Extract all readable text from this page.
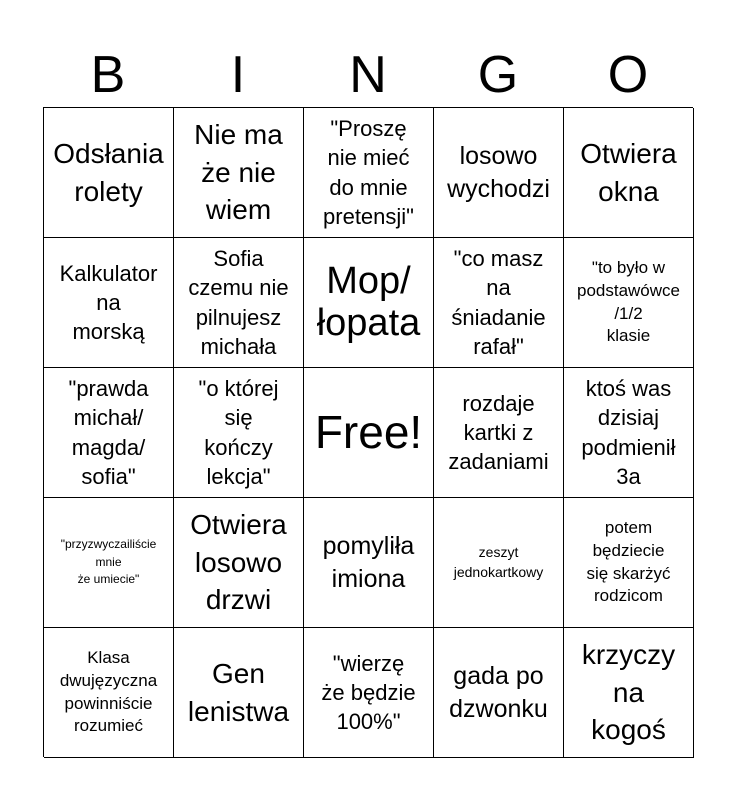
B	I	N	G	O
Odsłania
rolety
Nie ma
że nie
wiem
"Proszę
nie mieć
do mnie
pretensji"
losowo
wychodzi
Otwiera
okna
Kalkulator
na
morską
Sofia
czemu nie
pilnujesz
michała
Mop/
łopata
"co masz
na
śniadanie
rafał"
"to było w
podstawówce
/1/2
klasie
"prawda
michał/
magda/
sofia"
"o której
się
kończy
lekcja"
Free!
rozdaje
kartki z
zadaniami
ktoś was
dzisiaj
podmienił
3a
"przyzwyczailiście
mnie
że umiecie"
Otwiera
losowo
drzwi
pomyliła
imiona
zeszyt
jednokartkowy
potem
będziecie
się skarżyć
rodzicom
Klasa
dwujęzyczna
powinniście
rozumieć
Gen
lenistwa
"wierzę
że będzie
100%"
gada po
dzwonku
krzyczy
na
kogoś
